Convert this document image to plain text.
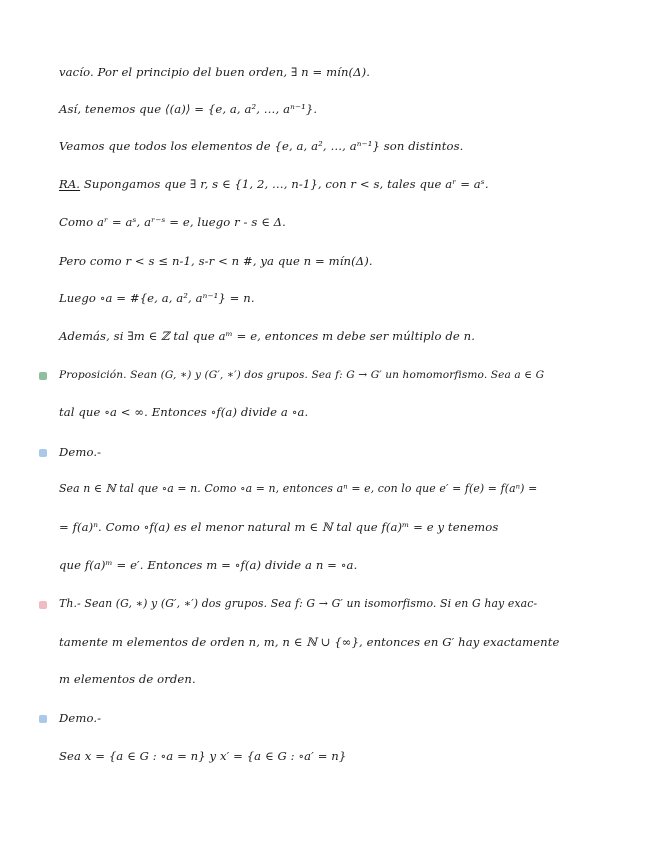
vacío. Por el principio del buen orden, ∃ n = mín(Δ).
Así, tenemos que ⟨(a)⟩ = {e, a, a², …, aⁿ⁻¹}.
Veamos que todos los elementos de {e, a, a², …, aⁿ⁻¹} son distintos.
RA. Supongamos que ∃ r, s ∈ {1, 2, …, n-1}, con r < s, tales que aʳ = aˢ.
Como aʳ = aˢ, aʳ⁻ˢ = e, luego r - s ∈ Δ.
Pero como r < s ≤ n-1, s-r < n #, ya que n = mín(Δ).
Luego ∘a = #{e, a, a², aⁿ⁻¹} = n.
Además, si ∃m ∈ ℤ tal que aᵐ = e, entonces m debe ser múltiplo de n.
Proposición. Sean (G, ∗) y (G′, ∗′) dos grupos. Sea f: G → G′ un homomorfismo. Sea a ∈ G
tal que ∘a < ∞. Entonces ∘f(a) divide a ∘a.
Demo.-
Sea n ∈ ℕ tal que ∘a = n. Como ∘a = n, entonces aⁿ = e, con lo que e′ = f(e) = f(aⁿ) =
= f(a)ⁿ. Como ∘f(a) es el menor natural m ∈ ℕ tal que f(a)ᵐ = e y tenemos
que f(a)ᵐ = e′. Entonces m = ∘f(a) divide a n = ∘a.
Th.- Sean (G, ∗) y (G′, ∗′) dos grupos. Sea f: G → G′ un isomorfismo. Si en G hay exac-
tamente m elementos de orden n, m, n ∈ ℕ ∪ {∞}, entonces en G′ hay exactamente
m elementos de orden.
Demo.-
Sea x = {a ∈ G : ∘a = n} y x′ = {a ∈ G : ∘a′ = n}
